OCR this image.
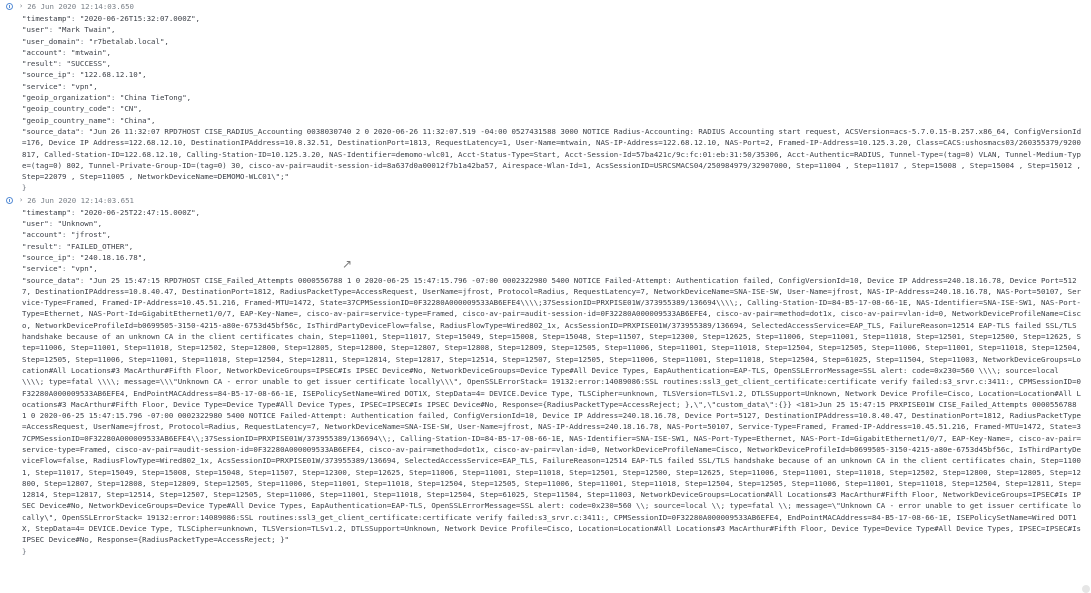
› 26 Jun 2020 12:14:03.650
"timestamp": "2020-06-26T15:32:07.000Z",
"user": "Mark Twain",
"user_domain": "r7betalab.local",
"account": "mtwain",
"result": "SUCCESS",
"source_ip": "122.68.12.10",
"service": "vpn",
"geoip_organization": "China TieTong",
"geoip_country_code": "CN",
"geoip_country_name": "China",
"source_data": "Jun 26 11:32:07 RPD7HOST CISE_RADIUS_Accounting 0038030740 2 0 2020-06-26 11:32:07.519 -04:00 0527431588 3000 NOTICE Radius-Accounting: RADIUS Accounting start request, ACSVersion=acs-5.7.0.15-B.257.x86_64, ConfigVersionId=176, Device IP Address=122.68.12.10, DestinationIPAddress=10.8.32.51, DestinationPort=1813, RequestLatency=1, User-Name=mtwain, NAS-IP-Address=122.68.12.10, NAS-Port=2, Framed-IP-Address=10.125.3.20, Class=CACS:ushosmacs03/260355379/9200817, Called-Station-ID=122.68.12.10, Calling-Station-ID=10.125.3.20, NAS-Identifier=demomo-wlc01, Acct-Status-Type=Start, Acct-Session-Id=57ba421c/9c:fc:01:eb:31:50/35306, Acct-Authentic=RADIUS, Tunnel-Type=(tag=0) VLAN, Tunnel-Medium-Type=(tag=0) 802, Tunnel-Private-Group-ID=(tag=0) 30, cisco-av-pair=audit-session-id=8a637d0a00012f7b1a42ba57, Airespace-Wlan-Id=1, AcsSessionID=USRCSMACS04/250984979/32907000, Step=11004 , Step=11017 , Step=15008 , Step=15004 , Step=15012 , Step=22079 , Step=11005 , NetworkDeviceName=DEMOMO-WLC01\";"
}
› 26 Jun 2020 12:14:03.651
"timestamp": "2020-06-25T22:47:15.000Z",
"user": "Unknown",
"account": "jfrost",
"result": "FAILED_OTHER",
"source_ip": "240.18.16.78",
"service": "vpn",
"source_data": "Jun 25 15:47:15 RPD7HOST CISE_Failed_Attempts 0000556788 1 0 2020-06-25 15:47:15.796 -07:00 0002322980 5400 NOTICE Failed-Attempt: Authentication failed, ConfigVersionId=10, Device IP Address=240.18.16.78, Device Port=5127, DestinationIPAddress=10.8.40.47, DestinationPort=1812, RadiusPacketType=AccessRequest, UserName=jfrost, Protocol=Radius, RequestLatency=7, NetworkDeviceName=SNA-ISE-SW, User-Name=jfrost, NAS-IP-Address=240.18.16.78, NAS-Port=50107, Service-Type=Framed, Framed-IP-Address=10.45.51.216, Framed-MTU=1472, State=37CPMSessionID=0F32280A000009533AB6EFE4\\\\;37SessionID=PRXPISE01W/373955389/136694\\\\;, Calling-Station-ID=84-B5-17-08-66-1E, NAS-Identifier=SNA-ISE-SW1, NAS-Port-Type=Ethernet, NAS-Port-Id=GigabitEthernet1/0/7, EAP-Key-Name=, cisco-av-pair=service-type=Framed, cisco-av-pair=audit-session-id=0F32280A000009533AB6EFE4, cisco-av-pair=method=dot1x, cisco-av-pair=vlan-id=0, NetworkDeviceProfileName=Cisco, NetworkDeviceProfileId=b0699505-3150-4215-a80e-6753d45bf56c, IsThirdPartyDeviceFlow=false, RadiusFlowType=Wired802_1x, AcsSessionID=PRXPISE01W/373955389/136694, SelectedAccessService=EAP_TLS, FailureReason=12514 EAP-TLS failed SSL/TLS handshake because of an unknown CA in the client certificates chain, Step=11001, Step=11017, Step=15049, Step=15008, Step=15048, Step=11507, Step=12300, Step=12625, Step=11006, Step=11001, Step=11018, Step=12501, Step=12500, Step=12625, Step=11006, Step=11001, Step=11018, Step=12502, Step=12800, Step=12805, Step=12800, Step=12807, Step=12808, Step=12809, Step=12505, Step=11006, Step=11001, Step=11018, Step=12504, Step=12505, Step=11006, Step=11001, Step=11018, Step=12504, Step=12505, Step=11006, Step=11001, Step=11018, Step=12504, Step=12811, Step=12814, Step=12817, Step=12514, Step=12507, Step=12505, Step=11006, Step=11001, Step=11018, Step=12504, Step=61025, Step=11504, Step=11003, NetworkDeviceGroups=Location#All Locations#3 MacArthur#Fifth Floor, NetworkDeviceGroups=IPSEC#Is IPSEC Device#No, NetworkDeviceGroups=Device Type#All Device Types, EapAuthentication=EAP-TLS, OpenSSLErrorMessage=SSL alert: code=0x230=560 \\\\; source=local \\\\; type=fatal \\\\; message=\\\"Unknown CA - error unable to get issuer certificate locally\\\", OpenSSLErrorStack= 19132:error:14089086:SSL routines:ssl3_get_client_certificate:certificate verify failed:s3_srvr.c:3411:, CPMSessionID=0F32280A000009533AB6EFE4, EndPointMACAddress=84-B5-17-08-66-1E, ISEPolicySetName=Wired DOT1X, StepData=4= DEVICE.Device Type, TLSCipher=unknown, TLSVersion=TLSv1.2, DTLSSupport=Unknown, Network Device Profile=Cisco, Location=Location#All Locations#3 MacArthur#Fifth Floor, Device Type=Device Type#All Device Types, IPSEC=IPSEC#Is IPSEC Device#No, Response={RadiusPacketType=AccessReject; },\",\"custom_data\":{}} <181>Jun 25 15:47:15 PRXPISE01W CISE_Failed_Attempts 0000556788 1 0 2020-06-25 15:47:15.796 -07:00 0002322980 5400 NOTICE Failed-Attempt: Authentication failed, ConfigVersionId=10, Device IP Address=240.18.16.78, Device Port=5127, DestinationIPAddress=10.8.40.47, DestinationPort=1812, RadiusPacketType=AccessRequest, UserName=jfrost, Protocol=Radius, RequestLatency=7, NetworkDeviceName=SNA-ISE-SW, User-Name=jfrost, NAS-IP-Address=240.18.16.78, NAS-Port=50107, Service-Type=Framed, Framed-IP-Address=10.45.51.216, Framed-MTU=1472, State=37CPMSessionID=0F32280A000009533AB6EFE4\\;37SessionID=PRXPISE01W/373955389/136694\\;, Calling-Station-ID=84-B5-17-08-66-1E, NAS-Identifier=SNA-ISE-SW1, NAS-Port-Type=Ethernet, NAS-Port-Id=GigabitEthernet1/0/7, EAP-Key-Name=, cisco-av-pair=service-type=Framed, cisco-av-pair=audit-session-id=0F32280A000009533AB6EFE4, cisco-av-pair=method=dot1x, cisco-av-pair=vlan-id=0, NetworkDeviceProfileName=Cisco, NetworkDeviceProfileId=b0699505-3150-4215-a80e-6753d45bf56c, IsThirdPartyDeviceFlow=false, RadiusFlowType=Wired802_1x, AcsSessionID=PRXPISE01W/373955389/136694, SelectedAccessService=EAP_TLS, FailureReason=12514 EAP-TLS failed SSL/TLS handshake because of an unknown CA in the client certificates chain, Step=11001, Step=11017, Step=15049, Step=15008, Step=15048, Step=11507, Step=12300, Step=12625, Step=11006, Step=11001, Step=11018, Step=12501, Step=12500, Step=12625, Step=11006, Step=11001, Step=11018, Step=12502, Step=12800, Step=12805, Step=12800, Step=12807, Step=12808, Step=12809, Step=12505, Step=11006, Step=11001, Step=11018, Step=12504, Step=12505, Step=11006, Step=11001, Step=11018, Step=12504, Step=12505, Step=11006, Step=11001, Step=11018, Step=12504, Step=12811, Step=12814, Step=12817, Step=12514, Step=12507, Step=12505, Step=11006, Step=11001, Step=11018, Step=12504, Step=61025, Step=11504, Step=11003, NetworkDeviceGroups=Location#All Locations#3 MacArthur#Fifth Floor, NetworkDeviceGroups=IPSEC#Is IPSEC Device#No, NetworkDeviceGroups=Device Type#All Device Types, EapAuthentication=EAP-TLS, OpenSSLErrorMessage=SSL alert: code=0x230=560 \\; source=local \\; type=fatal \\; message=\"Unknown CA - error unable to get issuer certificate locally\", OpenSSLErrorStack= 19132:error:14089086:SSL routines:ssl3_get_client_certificate:certificate verify failed:s3_srvr.c:3411:, CPMSessionID=0F32280A000009533AB6EFE4, EndPointMACAddress=84-B5-17-08-66-1E, ISEPolicySetName=Wired DOT1X, StepData=4= DEVICE.Device Type, TLSCipher=unknown, TLSVersion=TLSv1.2, DTLSSupport=Unknown, Network Device Profile=Cisco, Location=Location#All Locations#3 MacArthur#Fifth Floor, Device Type=Device Type#All Device Types, IPSEC=IPSEC#Is IPSEC Device#No, Response={RadiusPacketType=AccessReject; }"
}
↗
